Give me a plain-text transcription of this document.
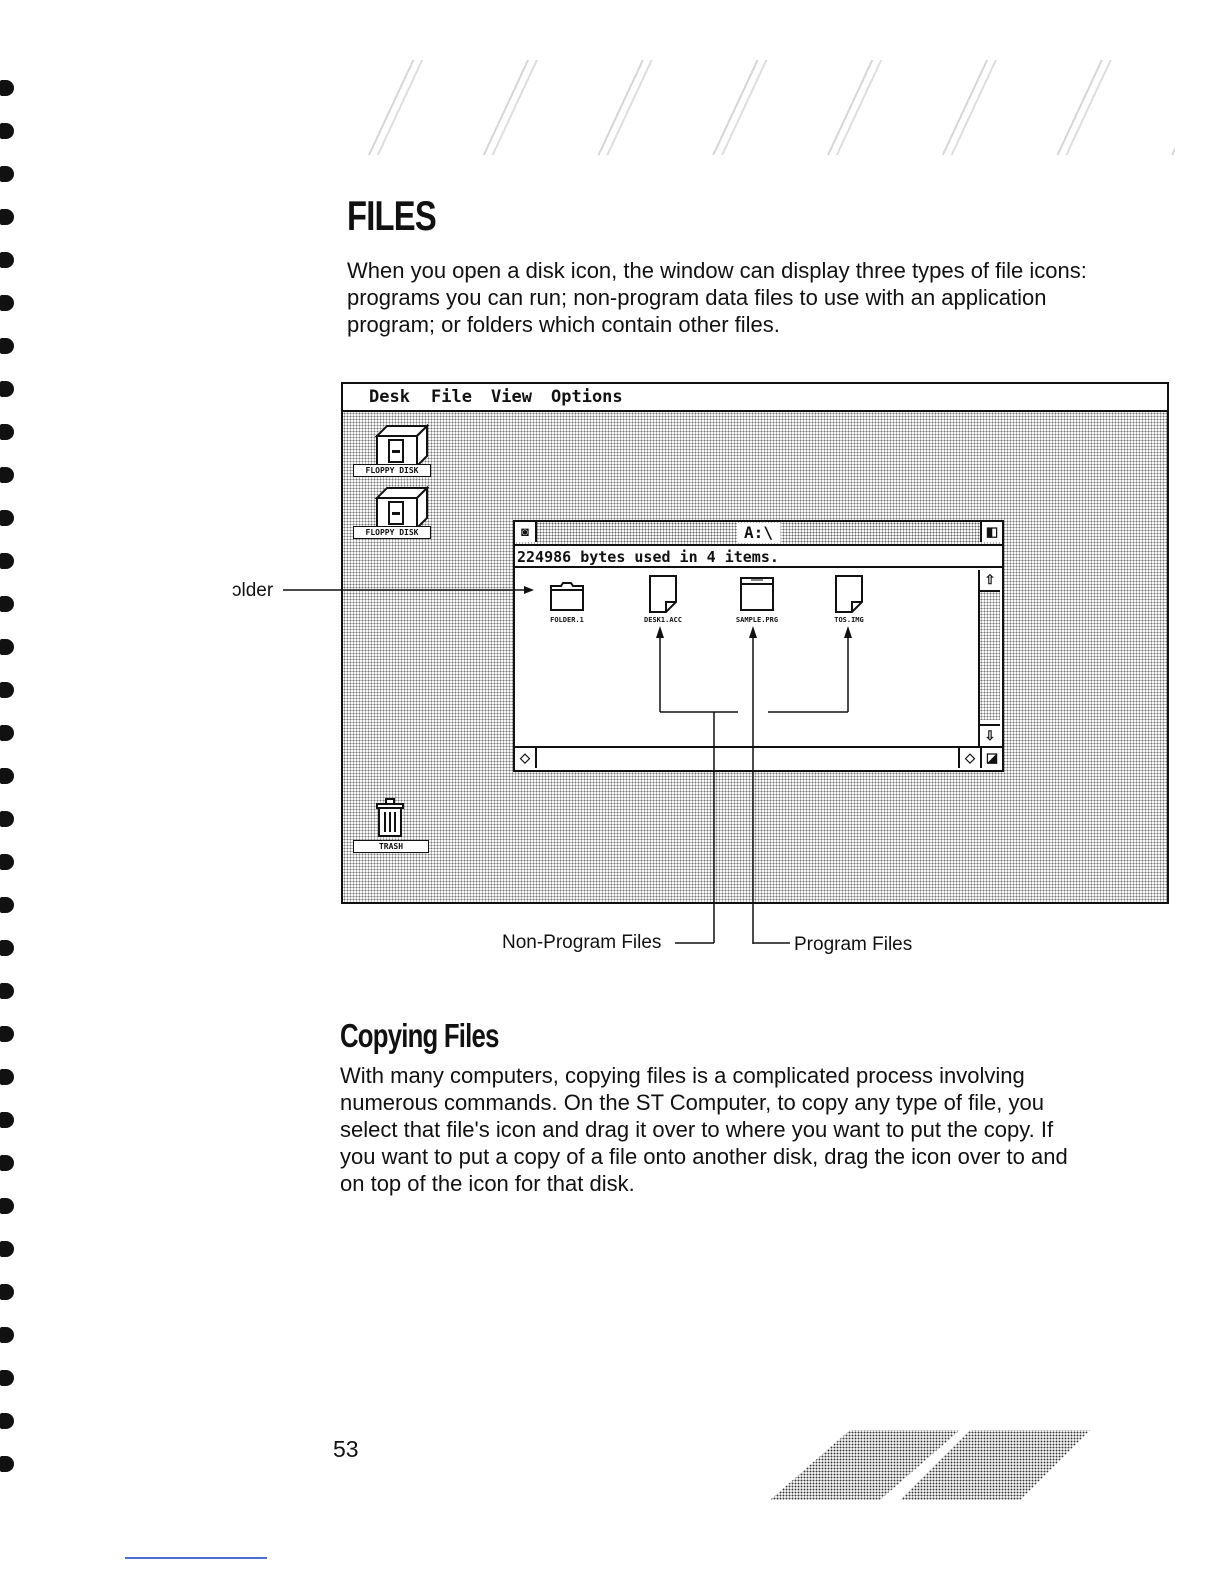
FILES
When you open a disk icon, the window can display three types of file icons: programs you can run; non-program data files to use with an application program; or folders which contain other files.
ɔlder
Desk File View Options
FLOPPY DISK
FLOPPY DISK
TRASH
◙	A:\	◧
224986 bytes used in 4 items.
FOLDER.1	DESK1.ACC	SAMPLE.PRG	TOS.IMG
⇧
⇩
◇	◇ ◪
Non-Program Files	Program Files
Copying Files
With many computers, copying files is a complicated process involving numerous commands. On the ST Computer, to copy any type of file, you select that file's icon and drag it over to where you want to put the copy. If you want to put a copy of a file onto another disk, drag the icon over to and on top of the icon for that disk.
53
